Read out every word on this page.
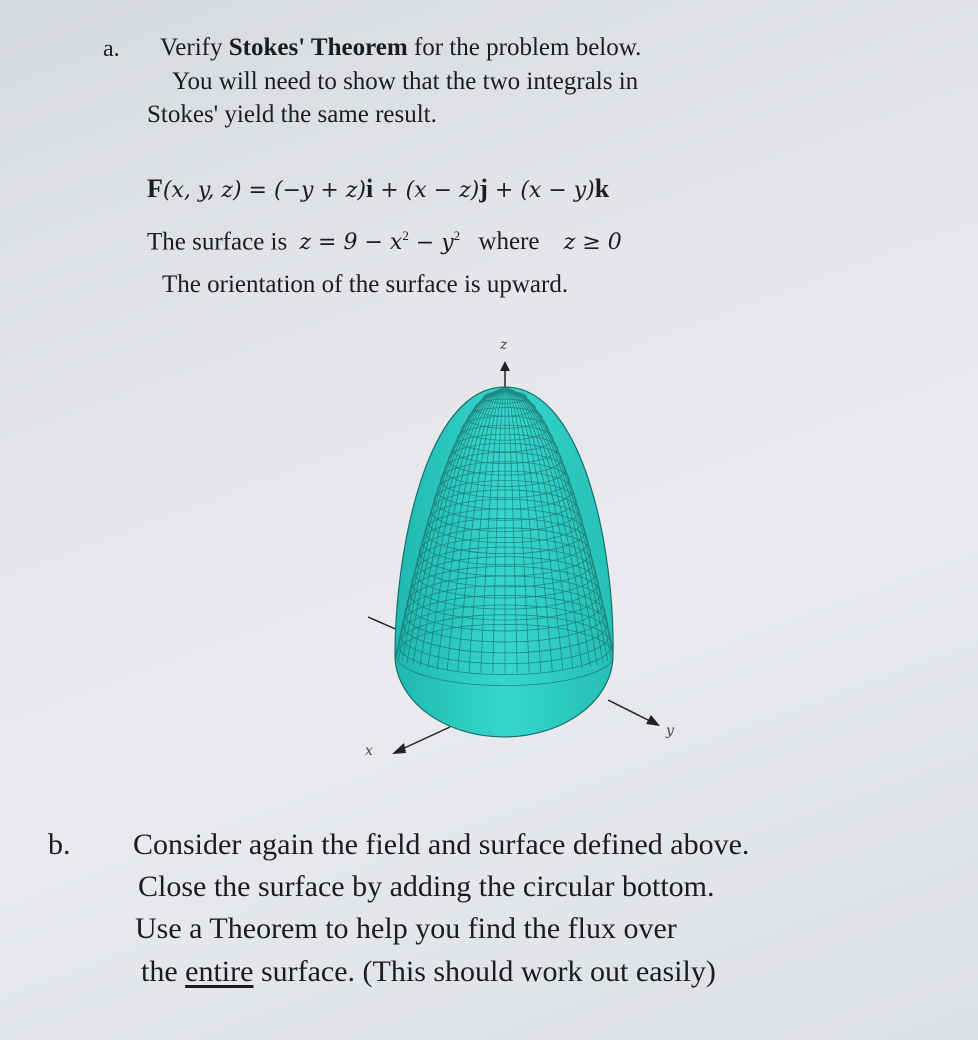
a. Verify Stokes' Theorem for the problem below.
You will need to show that the two integrals in
Stokes' yield the same result.
F(x, y, z) = (−y + z)i + (x − z)j + (x − y)k
The surface is $z = 9 - x^2 - y^2$ where z ≥ 0
The orientation of the surface is upward.
z
x
y
b. Consider again the field and surface defined above.
Close the surface by adding the circular bottom.
Use a Theorem to help you find the flux over
the entire surface. (This should work out easily)
